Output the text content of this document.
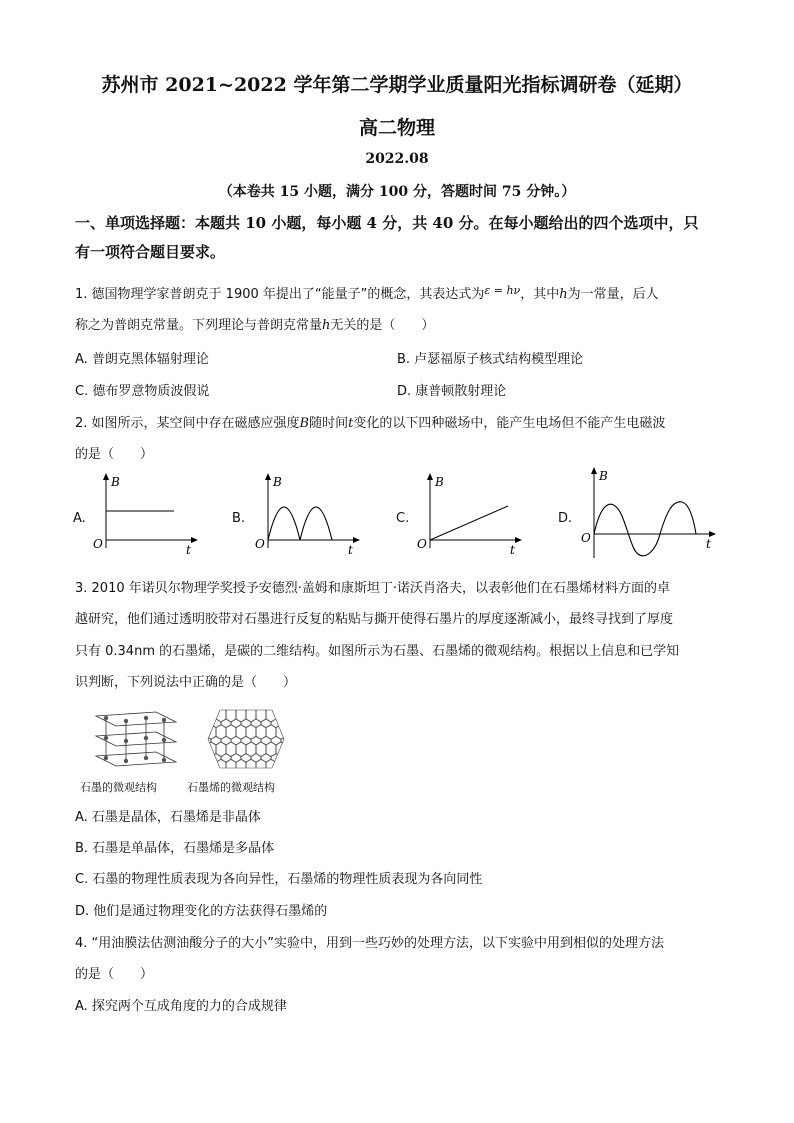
苏州市 2021~2022 学年第二学期学业质量阳光指标调研卷（延期）
高二物理
2022.08
（本卷共 15 小题，满分 100 分，答题时间 75 分钟。）
一、单项选择题：本题共 10 小题，每小题 4 分，共 40 分。在每小题给出的四个选项中，只
有一项符合题目要求。
1. 德国物理学家普朗克于 1900 年提出了“能量子”的概念，其表达式为$^{\varepsilon = h\nu}$，其中h为一常量，后人
称之为普朗克常量。下列理论与普朗克常量h无关的是（　　）
A. 普朗克黑体辐射理论	B. 卢瑟福原子核式结构模型理论
C. 德布罗意物质波假说	D. 康普顿散射理论
2. 如图所示，某空间中存在磁感应强度B随时间t变化的以下四种磁场中，能产生电场但不能产生电磁波
的是（　　）
A.
B
O	t
B.
B
O	t
C.
B
O	t
D.
B
O	t
3. 2010 年诺贝尔物理学奖授予安德烈·盖姆和康斯坦丁·诺沃肖洛夫，以表彰他们在石墨烯材料方面的卓
越研究，他们通过透明胶带对石墨进行反复的粘贴与撕开使得石墨片的厚度逐渐减小，最终寻找到了厚度
只有 0.34nm 的石墨烯，是碳的二维结构。如图所示为石墨、石墨烯的微观结构。根据以上信息和已学知
识判断，下列说法中正确的是（　　）
石墨的微观结构	石墨烯的微观结构
A. 石墨是晶体，石墨烯是非晶体
B. 石墨是单晶体，石墨烯是多晶体
C. 石墨的物理性质表现为各向异性，石墨烯的物理性质表现为各向同性
D. 他们是通过物理变化的方法获得石墨烯的
4. “用油膜法估测油酸分子的大小”实验中，用到一些巧妙的处理方法，以下实验中用到相似的处理方法
的是（　　）
A. 探究两个互成角度的力的合成规律
